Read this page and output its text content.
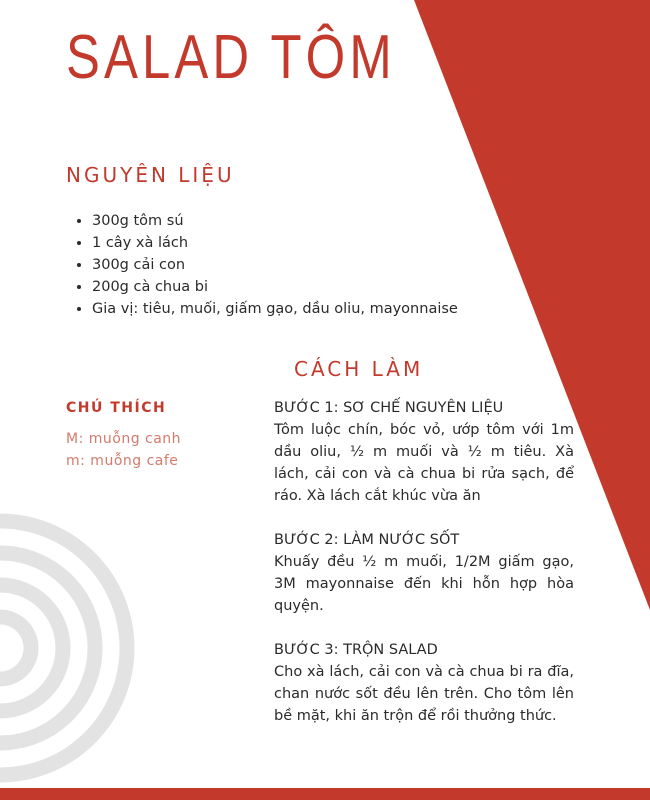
SALAD TÔM
NGUYÊN LIỆU
• 300g tôm sú
• 1 cây xà lách
• 300g cải con
• 200g cà chua bi
• Gia vị: tiêu, muối, giấm gạo, dầu oliu, mayonnaise
CÁCH LÀM

CHÚ THÍCH

M: muỗng canh
m: muỗng cafe

BƯỚC 1: SƠ CHẾ NGUYÊN LIỆU

Tôm luộc chín, bóc vỏ, ướp tôm với 1m dầu oliu, ½ m muối và ½ m tiêu. Xà lách, cải con và cà chua bi rửa sạch, để ráo. Xà lách cắt khúc vừa ăn

BƯỚC 2: LÀM NƯỚC SỐT

Khuấy đều ½ m muối, 1/2M giấm gạo, 3M mayonnaise đến khi hỗn hợp hòa quyện.

BƯỚC 3: TRỘN SALAD

Cho xà lách, cải con và cà chua bi ra đĩa, chan nước sốt đều lên trên. Cho tôm lên bề mặt, khi ăn trộn để rồi thưởng thức.
